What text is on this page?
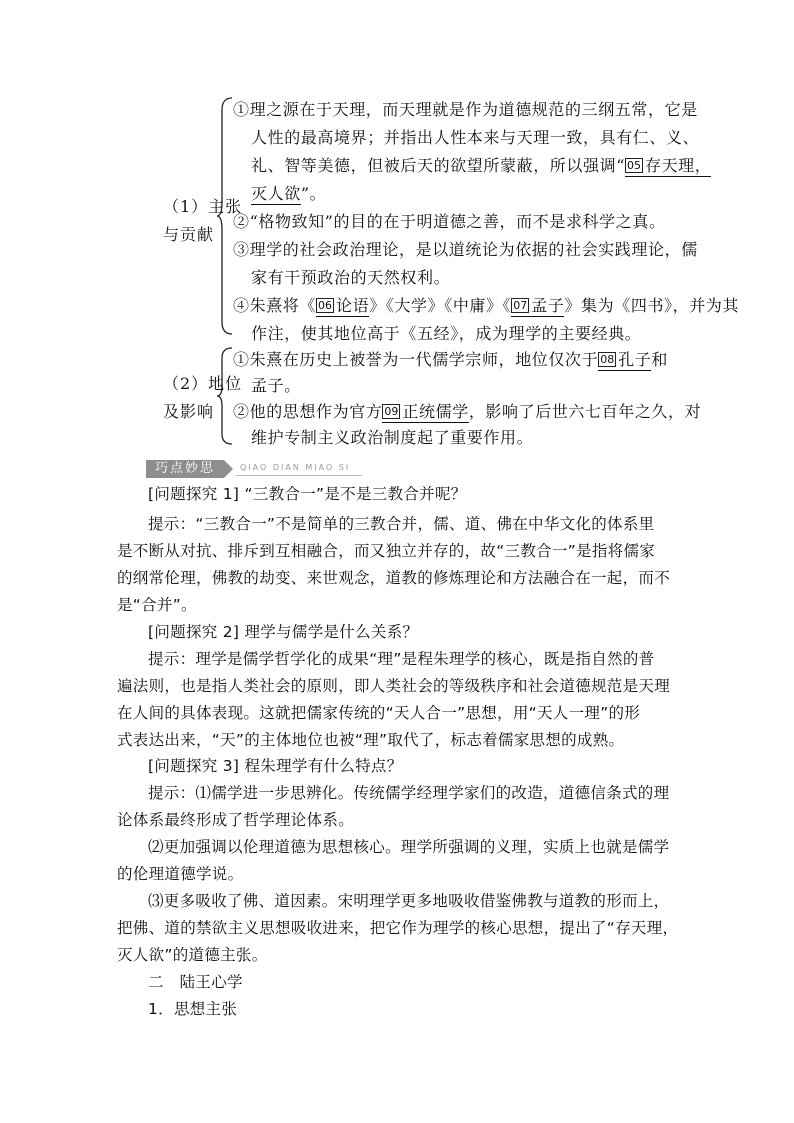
（1）主张
与贡献
①理之源在于天理，而天理就是作为道德规范的三纲五常，它是
人性的最高境界；并指出人性本来与天理一致，具有仁、义、
礼、智等美德，但被后天的欲望所蒙蔽，所以强调“ 05 存天理，
灭人欲”。
②“格物致知”的目的在于明道德之善，而不是求科学之真。
③理学的社会政治理论，是以道统论为依据的社会实践理论，儒
家有干预政治的天然权利。
④朱熹将《 06 论语》《大学》《中庸》《 07 孟子》集为《四书》，并为其
作注，使其地位高于《五经》，成为理学的主要经典。
（2）地位
及影响
①朱熹在历史上被誉为一代儒学宗师，地位仅次于 08 孔子和
孟子。
②他的思想作为官方 09 正统儒学，影响了后世六七百年之久，对
维护专制主义政治制度起了重要作用。
巧点妙思	QIAO DIAN MIAO SI
[问题探究 1] “三教合一”是不是三教合并呢？
提示：“三教合一”不是简单的三教合并，儒、道、佛在中华文化的体系里
是不断从对抗、排斥到互相融合，而又独立并存的，故“三教合一”是指将儒家
的纲常伦理，佛教的劫变、来世观念，道教的修炼理论和方法融合在一起，而不
是“合并”。
[问题探究 2] 理学与儒学是什么关系？
提示：理学是儒学哲学化的成果“理”是程朱理学的核心，既是指自然的普
遍法则，也是指人类社会的原则，即人类社会的等级秩序和社会道德规范是天理
在人间的具体表现。这就把儒家传统的“天人合一”思想，用“天人一理”的形
式表达出来，“天”的主体地位也被“理”取代了，标志着儒家思想的成熟。
[问题探究 3] 程朱理学有什么特点？
提示：⑴儒学进一步思辨化。传统儒学经理学家们的改造，道德信条式的理
论体系最终形成了哲学理论体系。
⑵更加强调以伦理道德为思想核心。理学所强调的义理，实质上也就是儒学
的伦理道德学说。
⑶更多吸收了佛、道因素。宋明理学更多地吸收借鉴佛教与道教的形而上，
把佛、道的禁欲主义思想吸收进来，把它作为理学的核心思想，提出了“存天理，
灭人欲”的道德主张。
二　陆王心学
1．思想主张
